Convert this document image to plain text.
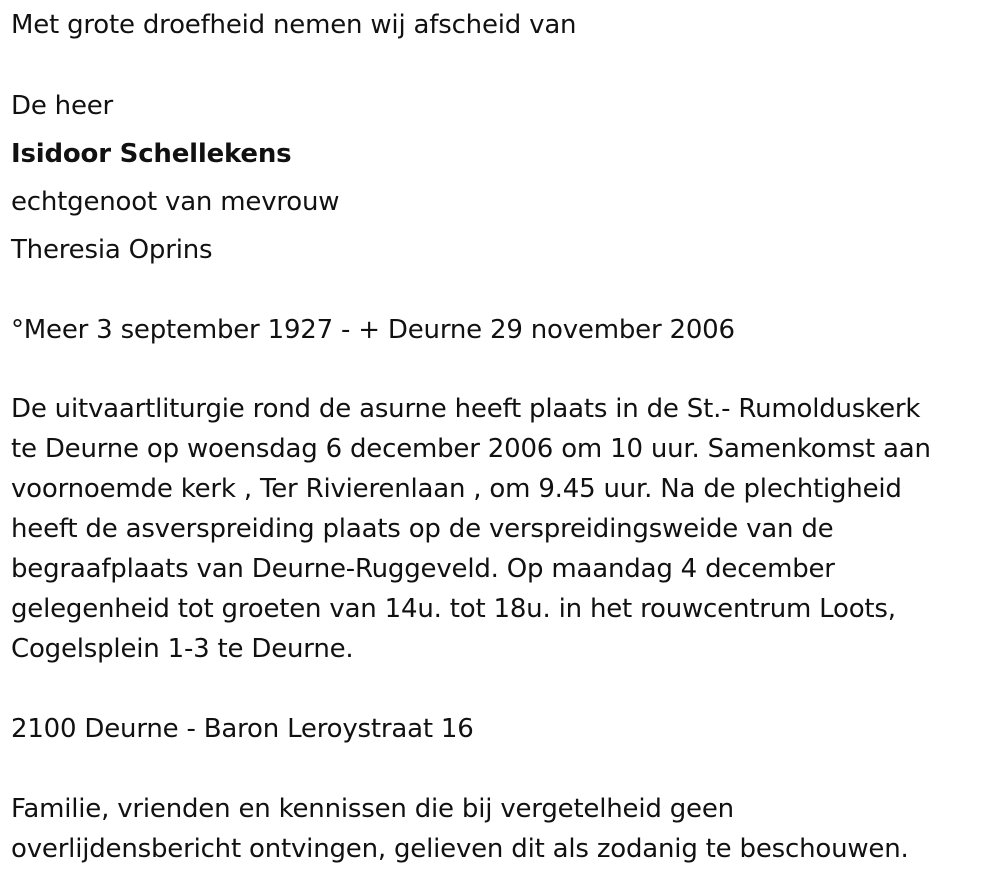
Met grote droefheid nemen wij afscheid van
De heer
Isidoor Schellekens
echtgenoot van mevrouw
Theresia Oprins
°Meer 3 september 1927 - + Deurne 29 november 2006
De uitvaartliturgie rond de asurne heeft plaats in de St.- Rumolduskerk
te Deurne op woensdag 6 december 2006 om 10 uur. Samenkomst aan
voornoemde kerk , Ter Rivierenlaan , om 9.45 uur. Na de plechtigheid
heeft de asverspreiding plaats op de verspreidingsweide van de
begraafplaats van Deurne-Ruggeveld. Op maandag 4 december
gelegenheid tot groeten van 14u. tot 18u. in het rouwcentrum Loots,
Cogelsplein 1-3 te Deurne.
2100 Deurne - Baron Leroystraat 16
Familie, vrienden en kennissen die bij vergetelheid geen
overlijdensbericht ontvingen, gelieven dit als zodanig te beschouwen.
